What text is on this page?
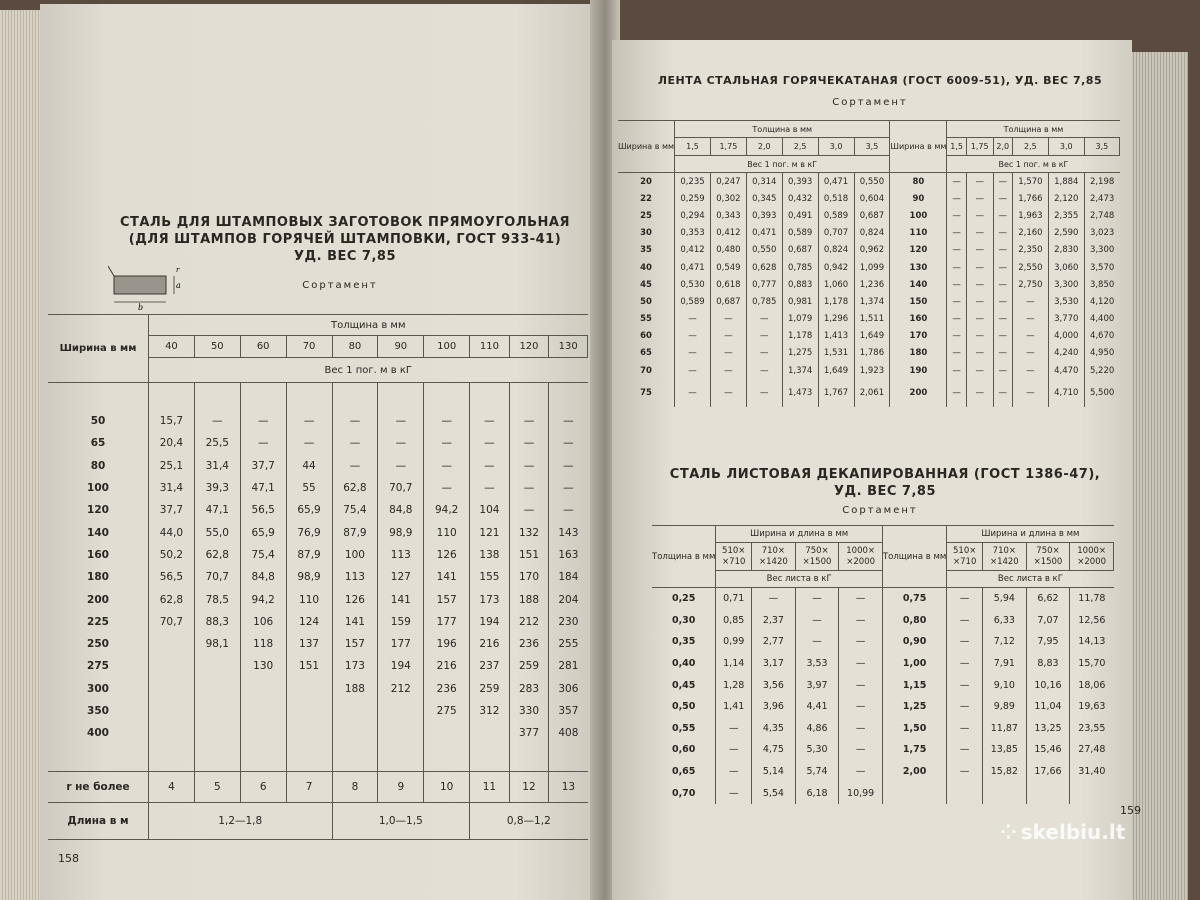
СТАЛЬ ДЛЯ ШТАМПОВЫХ ЗАГОТОВОК ПРЯМОУГОЛЬНАЯ
(ДЛЯ ШТАМПОВ ГОРЯЧЕЙ ШТАМПОВКИ, ГОСТ 933-41)
УД. ВЕС 7,85
Сортамент
b
a
r
Ширина в мм	Толщина в мм									
	40	50	60	70	80	90	100	110	120	130
	Вес 1 пог. м в кГ									

50	15,7	—	—	—	—	—	—	—	—	—
65	20,4	25,5	—	—	—	—	—	—	—	—
80	25,1	31,4	37,7	44	—	—	—	—	—	—
100	31,4	39,3	47,1	55	62,8	70,7	—	—	—	—
120	37,7	47,1	56,5	65,9	75,4	84,8	94,2	104	—	—
140	44,0	55,0	65,9	76,9	87,9	98,9	110	121	132	143
160	50,2	62,8	75,4	87,9	100	113	126	138	151	163
180	56,5	70,7	84,8	98,9	113	127	141	155	170	184
200	62,8	78,5	94,2	110	126	141	157	173	188	204
225	70,7	88,3	106	124	141	159	177	194	212	230
250		98,1	118	137	157	177	196	216	236	255
275			130	151	173	194	216	237	259	281
300					188	212	236	259	283	306
350							275	312	330	357
400									377	408

r не более	4	5	6	7	8	9	10	11	12	13
Длина в м	1,2—1,8				1,0—1,5			0,8—1,2		
158
ЛЕНТА СТАЛЬНАЯ ГОРЯЧЕКАТАНАЯ (ГОСТ 6009-51), УД. ВЕС 7,85
Сортамент
Ширина в мм	Толщина в мм						Ширина в мм	Толщина в мм					
	1,5	1,75	2,0	2,5	3,0	3,5		1,5	1,75	2,0	2,5	3,0	3,5
	Вес 1 пог. м в кГ							Вес 1 пог. м в кГ					
20	0,235	0,247	0,314	0,393	0,471	0,550	80	—	—	—	1,570	1,884	2,198
22	0,259	0,302	0,345	0,432	0,518	0,604	90	—	—	—	1,766	2,120	2,473
25	0,294	0,343	0,393	0,491	0,589	0,687	100	—	—	—	1,963	2,355	2,748
30	0,353	0,412	0,471	0,589	0,707	0,824	110	—	—	—	2,160	2,590	3,023
35	0,412	0,480	0,550	0,687	0,824	0,962	120	—	—	—	2,350	2,830	3,300
40	0,471	0,549	0,628	0,785	0,942	1,099	130	—	—	—	2,550	3,060	3,570
45	0,530	0,618	0,777	0,883	1,060	1,236	140	—	—	—	2,750	3,300	3,850
50	0,589	0,687	0,785	0,981	1,178	1,374	150	—	—	—	—	3,530	4,120
55	—	—	—	1,079	1,296	1,511	160	—	—	—	—	3,770	4,400
60	—	—	—	1,178	1,413	1,649	170	—	—	—	—	4,000	4,670
65	—	—	—	1,275	1,531	1,786	180	—	—	—	—	4,240	4,950
70	—	—	—	1,374	1,649	1,923	190	—	—	—	—	4,470	5,220
75	—	—	—	1,473	1,767	2,061	200	—	—	—	—	4,710	5,500
СТАЛЬ ЛИСТОВАЯ ДЕКАПИРОВАННАЯ (ГОСТ 1386-47),
УД. ВЕС 7,85
Сортамент
Толщина в мм	Ширина и длина в мм				Толщина в мм	Ширина и длина в мм			
	510×
×710	710×
×1420	750×
×1500	1000×
×2000		510×
×710	710×
×1420	750×
×1500	1000×
×2000
	Вес листа в кГ					Вес листа в кГ			
0,25	0,71	—	—	—	0,75	—	5,94	6,62	11,78
0,30	0,85	2,37	—	—	0,80	—	6,33	7,07	12,56
0,35	0,99	2,77	—	—	0,90	—	7,12	7,95	14,13
0,40	1,14	3,17	3,53	—	1,00	—	7,91	8,83	15,70
0,45	1,28	3,56	3,97	—	1,15	—	9,10	10,16	18,06
0,50	1,41	3,96	4,41	—	1,25	—	9,89	11,04	19,63
0,55	—	4,35	4,86	—	1,50	—	11,87	13,25	23,55
0,60	—	4,75	5,30	—	1,75	—	13,85	15,46	27,48
0,65	—	5,14	5,74	—	2,00	—	15,82	17,66	31,40
0,70	—	5,54	6,18	10,99					
159
⁘ skelbiu.lt
